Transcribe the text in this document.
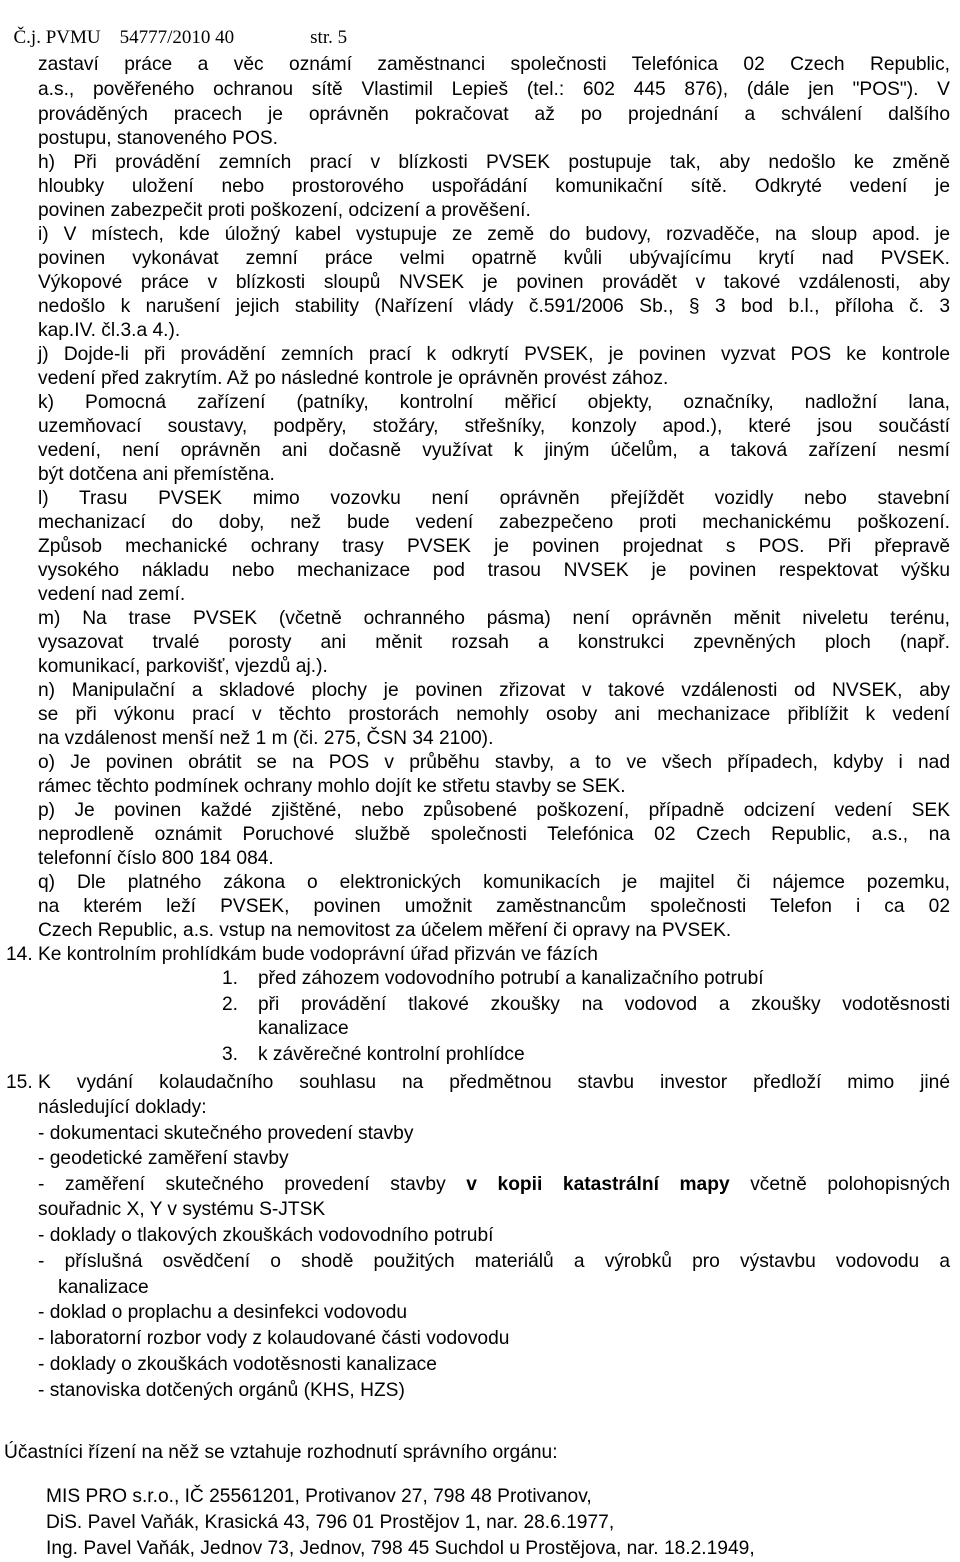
Č.j. PVMU 54777/2010 40	str. 5

zastaví práce a věc oznámí zaměstnanci společnosti Telefónica 02 Czech Republic,
a.s., pověřeného ochranou sítě Vlastimil Lepieš (tel.: 602 445 876), (dále jen "POS"). V
prováděných pracech je oprávněn pokračovat až po projednání a schválení dalšího
postupu, stanoveného POS.
h) Při provádění zemních prací v blízkosti PVSEK postupuje tak, aby nedošlo ke změně
hloubky uložení nebo prostorového uspořádání komunikační sítě. Odkryté vedení je
povinen zabezpečit proti poškození, odcizení a prověšení.
i) V místech, kde úložný kabel vystupuje ze země do budovy, rozvaděče, na sloup apod. je
povinen vykonávat zemní práce velmi opatrně kvůli ubývajícímu krytí nad PVSEK.
Výkopové práce v blízkosti sloupů NVSEK je povinen provádět v takové vzdálenosti, aby
nedošlo k narušení jejich stability (Nařízení vlády č.591/2006 Sb., § 3 bod b.l., příloha č. 3
kap.IV. čl.3.a 4.).
j) Dojde-li při provádění zemních prací k odkrytí PVSEK, je povinen vyzvat POS ke kontrole
vedení před zakrytím. Až po následné kontrole je oprávněn provést zához.
k) Pomocná zařízení (patníky, kontrolní měřicí objekty, označníky, nadložní lana,
uzemňovací soustavy, podpěry, stožáry, střešníky, konzoly apod.), které jsou součástí
vedení, není oprávněn ani dočasně využívat k jiným účelům, a taková zařízení nesmí
být dotčena ani přemístěna.
l) Trasu PVSEK mimo vozovku není oprávněn přejíždět vozidly nebo stavební
mechanizací do doby, než bude vedení zabezpečeno proti mechanickému poškození.
Způsob mechanické ochrany trasy PVSEK je povinen projednat s POS. Při přepravě
vysokého nákladu nebo mechanizace pod trasou NVSEK je povinen respektovat výšku
vedení nad zemí.
m) Na trase PVSEK (včetně ochranného pásma) není oprávněn měnit niveletu terénu,
vysazovat trvalé porosty ani měnit rozsah a konstrukci zpevněných ploch (např.
komunikací, parkovišť, vjezdů aj.).
n) Manipulační a skladové plochy je povinen zřizovat v takové vzdálenosti od NVSEK, aby
se při výkonu prací v těchto prostorách nemohly osoby ani mechanizace přiblížit k vedení
na vzdálenost menší než 1 m (či. 275, ČSN 34 2100).
o) Je povinen obrátit se na POS v průběhu stavby, a to ve všech případech, kdyby i nad
rámec těchto podmínek ochrany mohlo dojít ke střetu stavby se SEK.
p) Je povinen každé zjištěné, nebo způsobené poškození, případně odcizení vedení SEK
neprodleně oznámit Poruchové službě společnosti Telefónica 02 Czech Republic, a.s., na
telefonní číslo 800 184 084.
q) Dle platného zákona o elektronických komunikacích je majitel či nájemce pozemku,
na kterém leží PVSEK, povinen umožnit zaměstnancům společnosti Telefon i ca 02
Czech Republic, a.s. vstup na nemovitost za účelem měření či opravy na PVSEK.
14. Ke kontrolním prohlídkám bude vodoprávní úřad přizván ve fázích
1. před záhozem vodovodního potrubí a kanalizačního potrubí
2. při provádění tlakové zkoušky na vodovod a zkoušky vodotěsnosti
kanalizace
3. k závěrečné kontrolní prohlídce
15. K vydání kolaudačního souhlasu na předmětnou stavbu investor předloží mimo jiné
následující doklady:
- dokumentaci skutečného provedení stavby
- geodetické zaměření stavby
- zaměření skutečného provedení stavby v kopii katastrální mapy včetně polohopisných
souřadnic X, Y v systému S-JTSK
- doklady o tlakových zkouškách vodovodního potrubí
- příslušná osvědčení o shodě použitých materiálů a výrobků pro výstavbu vodovodu a
kanalizace
- doklad o proplachu a desinfekci vodovodu
- laboratorní rozbor vody z kolaudované části vodovodu
- doklady o zkouškách vodotěsnosti kanalizace
- stanoviska dotčených orgánů (KHS, HZS)
Účastníci řízení na něž se vztahuje rozhodnutí správního orgánu:
MIS PRO s.r.o., IČ 25561201, Protivanov 27, 798 48 Protivanov,
DiS. Pavel Vaňák, Krasická 43, 796 01 Prostějov 1, nar. 28.6.1977,
Ing. Pavel Vaňák, Jednov 73, Jednov, 798 45 Suchdol u Prostějova, nar. 18.2.1949,
